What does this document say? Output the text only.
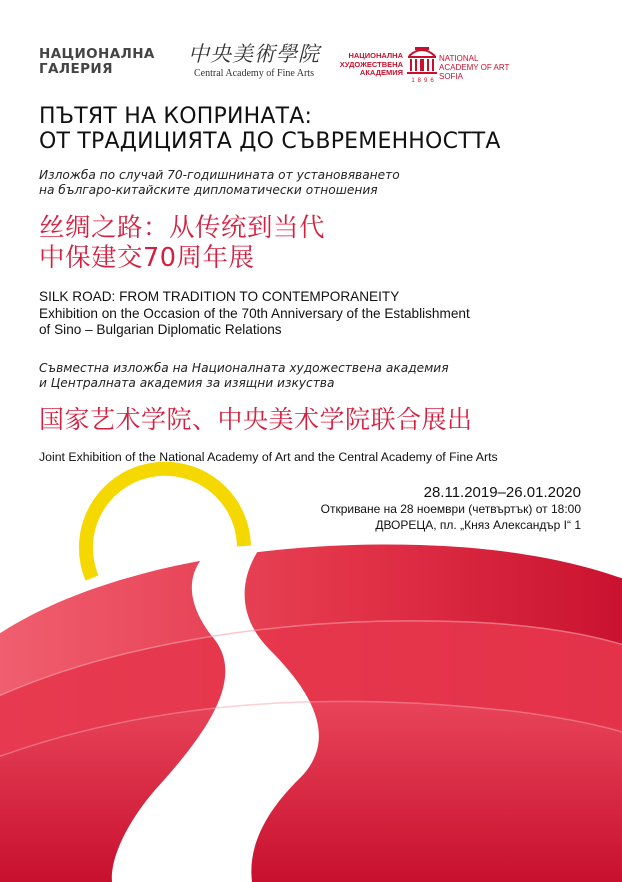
НАЦИОНАЛНА
ГАЛЕРИЯ
中央美術學院
Central Academy of Fine Arts
НАЦИОНАЛНА
ХУДОЖЕСТВЕНА
АКАДЕМИЯ
1896
NATIONAL
ACADEMY OF ART
SOFIA
ПЪТЯТ НА КОПРИНАТА:
ОТ ТРАДИЦИЯТА ДО СЪВРЕМЕННОСТТА
Изложба по случай 70-годишнината от установяването
на българо-китайските дипломатически отношения
丝绸之路：从传统到当代
中保建交70周年展
SILK ROAD: FROM TRADITION TO CONTEMPORANEITY
Exhibition on the Occasion of the 70th Anniversary of the Establishment
of Sino – Bulgarian Diplomatic Relations
Съвместна изложба на Националната художествена академия
и Централната академия за изящни изкуства
国家艺术学院、中央美术学院联合展出
Joint Exhibition of the National Academy of Art and the Central Academy of Fine Arts
28.11.2019–26.01.2020
Откриване на 28 ноември (четвъртък) от 18:00
ДВОРЕЦА, пл. „Княз Александър I“ 1
